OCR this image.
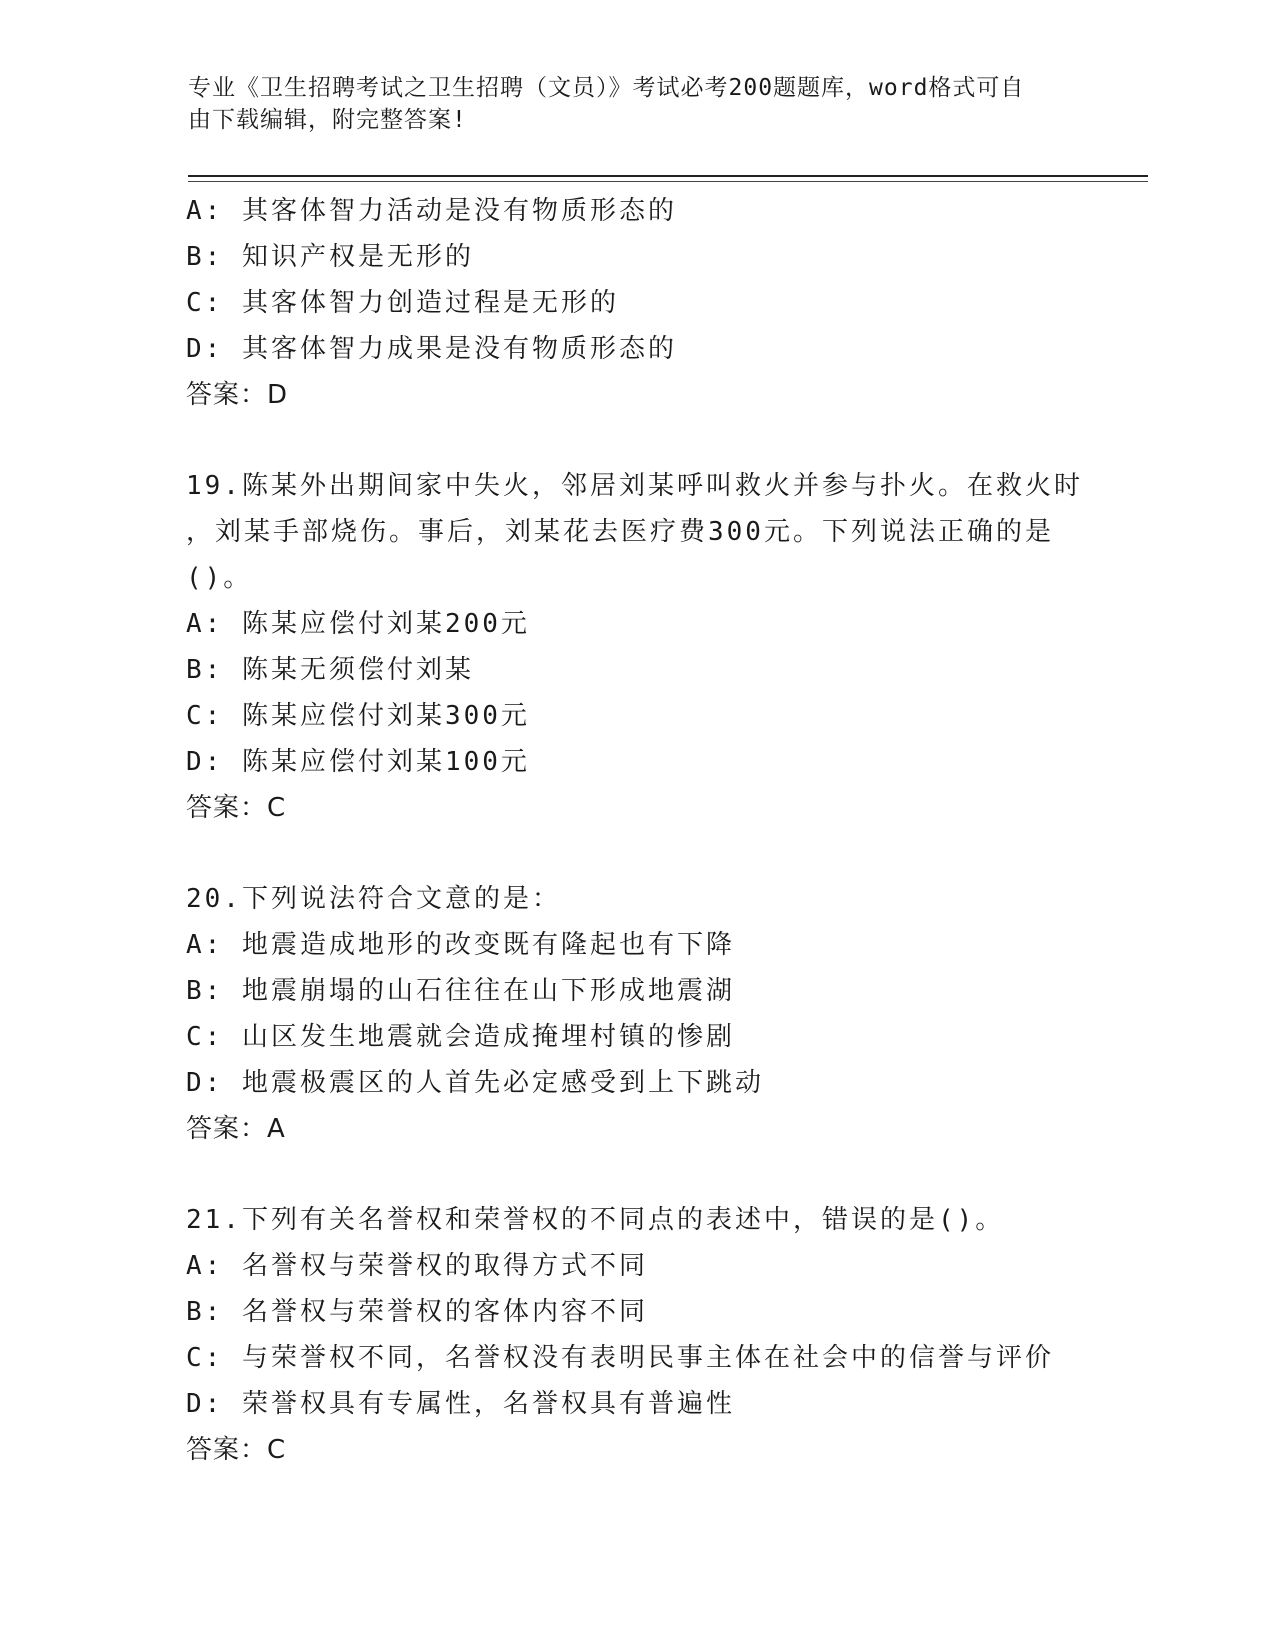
专业《卫生招聘考试之卫生招聘（文员）》考试必考200题题库，word格式可自
由下载编辑，附完整答案!
A: 其客体智力活动是没有物质形态的
B: 知识产权是无形的
C: 其客体智力创造过程是无形的
D: 其客体智力成果是没有物质形态的
答案：D
19.陈某外出期间家中失火，邻居刘某呼叫救火并参与扑火。在救火时
，刘某手部烧伤。事后，刘某花去医疗费300元。下列说法正确的是
()。
A: 陈某应偿付刘某200元
B: 陈某无须偿付刘某
C: 陈某应偿付刘某300元
D: 陈某应偿付刘某100元
答案：C
20.下列说法符合文意的是：
A: 地震造成地形的改变既有隆起也有下降
B: 地震崩塌的山石往往在山下形成地震湖
C: 山区发生地震就会造成掩埋村镇的惨剧
D: 地震极震区的人首先必定感受到上下跳动
答案：A
21.下列有关名誉权和荣誉权的不同点的表述中，错误的是()。
A: 名誉权与荣誉权的取得方式不同
B: 名誉权与荣誉权的客体内容不同
C: 与荣誉权不同，名誉权没有表明民事主体在社会中的信誉与评价
D: 荣誉权具有专属性，名誉权具有普遍性
答案：C
